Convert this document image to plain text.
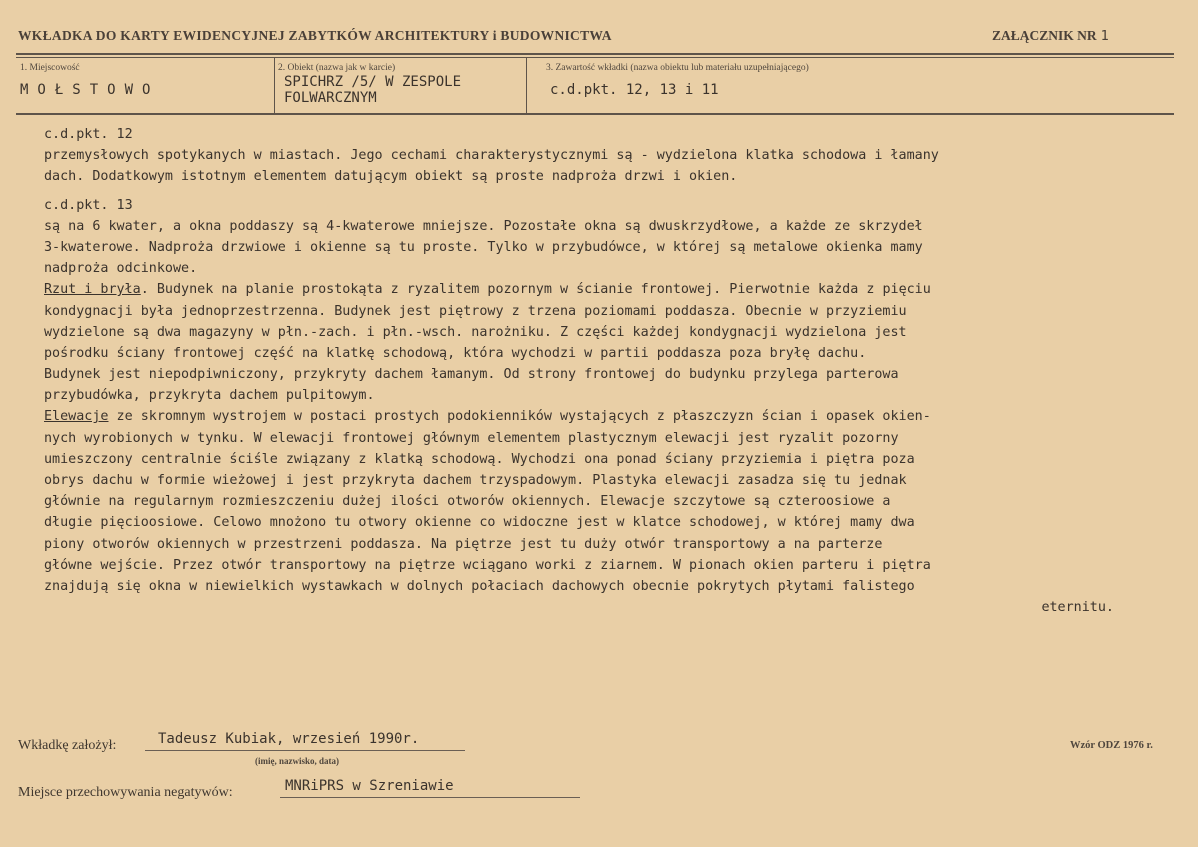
WKŁADKA DO KARTY EWIDENCYJNEJ ZABYTKÓW ARCHITEKTURY i BUDOWNICTWA	ZAŁĄCZNIK NR 1
1. Miejscowość
MOŁSTOWO
2. Obiekt (nazwa jak w karcie)
SPICHRZ /5/ W ZESPOLE
FOLWARCZNYM
3. Zawartość wkładki (nazwa obiektu lub materiału uzupełniającego)
c.d.pkt. 12, 13 i 11
c.d.pkt. 12
przemysłowych spotykanych w miastach. Jego cechami charakterystycznymi są - wydzielona klatka schodowa i łamany
dach. Dodatkowym istotnym elementem datującym obiekt są proste nadproża drzwi i okien.
c.d.pkt. 13
są na 6 kwater, a okna poddaszy są 4-kwaterowe mniejsze. Pozostałe okna są dwuskrzydłowe, a każde ze skrzydeł
3-kwaterowe. Nadproża drzwiowe i okienne są tu proste. Tylko w przybudówce, w której są metalowe okienka mamy
nadproża odcinkowe.
Rzut i bryła. Budynek na planie prostokąta z ryzalitem pozornym w ścianie frontowej. Pierwotnie każda z pięciu
kondygnacji była jednoprzestrzenna. Budynek jest piętrowy z trzena poziomami poddasza. Obecnie w przyziemiu
wydzielone są dwa magazyny w płn.-zach. i płn.-wsch. narożniku. Z części każdej kondygnacji wydzielona jest
pośrodku ściany frontowej część na klatkę schodową, która wychodzi w partii poddasza poza bryłę dachu.
Budynek jest niepodpiwniczony, przykryty dachem łamanym. Od strony frontowej do budynku przylega parterowa
przybudówka, przykryta dachem pulpitowym.
Elewacje ze skromnym wystrojem w postaci prostych podokienników wystających z płaszczyzn ścian i opasek okien-
nych wyrobionych w tynku. W elewacji frontowej głównym elementem plastycznym elewacji jest ryzalit pozorny
umieszczony centralnie ściśle związany z klatką schodową. Wychodzi ona ponad ściany przyziemia i piętra poza
obrys dachu w formie wieżowej i jest przykryta dachem trzyspadowym. Plastyka elewacji zasadza się tu jednak
głównie na regularnym rozmieszczeniu dużej ilości otworów okiennych. Elewacje szczytowe są czteroosiowe a
długie pięcioosiowe. Celowo mnożono tu otwory okienne co widoczne jest w klatce schodowej, w której mamy dwa
piony otworów okiennych w przestrzeni poddasza. Na piętrze jest tu duży otwór transportowy a na parterze
główne wejście. Przez otwór transportowy na piętrze wciągano worki z ziarnem. W pionach okien parteru i piętra
znajdują się okna w niewielkich wystawkach w dolnych połaciach dachowych obecnie pokrytych płytami falistego
eternitu.
Wkładkę założył:	Tadeusz Kubiak, wrzesień 1990r.
(imię, nazwisko, data)
Wzór ODZ 1976 r.
Miejsce przechowywania negatywów:	MNRiPRS w Szreniawie
